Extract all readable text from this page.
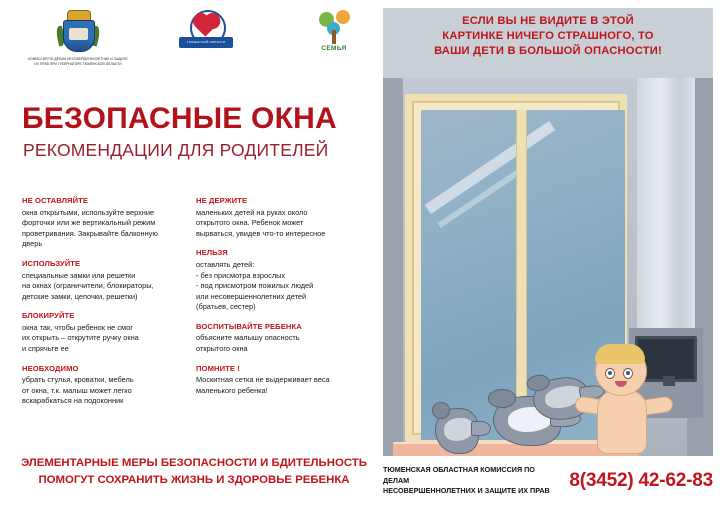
КОМИССИЯ ПО ДЕЛАМ НЕСОВЕРШЕННОЛЕТНИХ И ЗАЩИТЕ ИХ ПРАВ ПРИ ГУБЕРНАТОРЕ ТЮМЕНСКОЙ ОБЛАСТИ
ТЮМЕНСКОЙ ОБЛАСТИ
СЕМЬЯ
БЕЗОПАСНЫЕ ОКНА
РЕКОМЕНДАЦИИ ДЛЯ РОДИТЕЛЕЙ
НЕ ОСТАВЛЯЙТЕ
окна открытыми, используйте верхние
форточки или же вертикальный режим
проветривания. Закрывайте балконную
дверь
ИСПОЛЬЗУЙТЕ
специальные замки или решетки
на окнах (ограничители, блокираторы,
детские замки, цепочки, решетки)
БЛОКИРУЙТЕ
окна так, чтобы ребенок не смог
их открыть – открутите ручку окна
и спрячьте ее
НЕОБХОДИМО
убрать стулья, кроватки, мебель
от окна, т.к. малыш может легко
вскарабкаться на подоконник
НЕ ДЕРЖИТЕ
маленьких детей на руках около
открытого окна. Ребенок может
вырваться, увидев что-то интересное
НЕЛЬЗЯ
оставлять детей:
- без присмотра взрослых
- под присмотром пожилых людей
или несовершеннолетних детей
(братьев, сестер)
ВОСПИТЫВАЙТЕ РЕБЕНКА
объясните малышу опасность
открытого окна
ПОМНИТЕ !
Москитная сетка не выдерживает веса
маленького ребенка!
ЭЛЕМЕНТАРНЫЕ МЕРЫ БЕЗОПАСНОСТИ И БДИТЕЛЬНОСТЬ
ПОМОГУТ СОХРАНИТЬ ЖИЗНЬ И ЗДОРОВЬЕ РЕБЕНКА
ЕСЛИ ВЫ НЕ ВИДИТЕ В ЭТОЙ
КАРТИНКЕ НИЧЕГО СТРАШНОГО, ТО
ВАШИ ДЕТИ В БОЛЬШОЙ ОПАСНОСТИ!
ТЮМЕНСКАЯ ОБЛАСТНАЯ КОМИССИЯ ПО ДЕЛАМ
НЕСОВЕРШЕННОЛЕТНИХ И ЗАЩИТЕ ИХ ПРАВ	8(3452) 42-62-83
